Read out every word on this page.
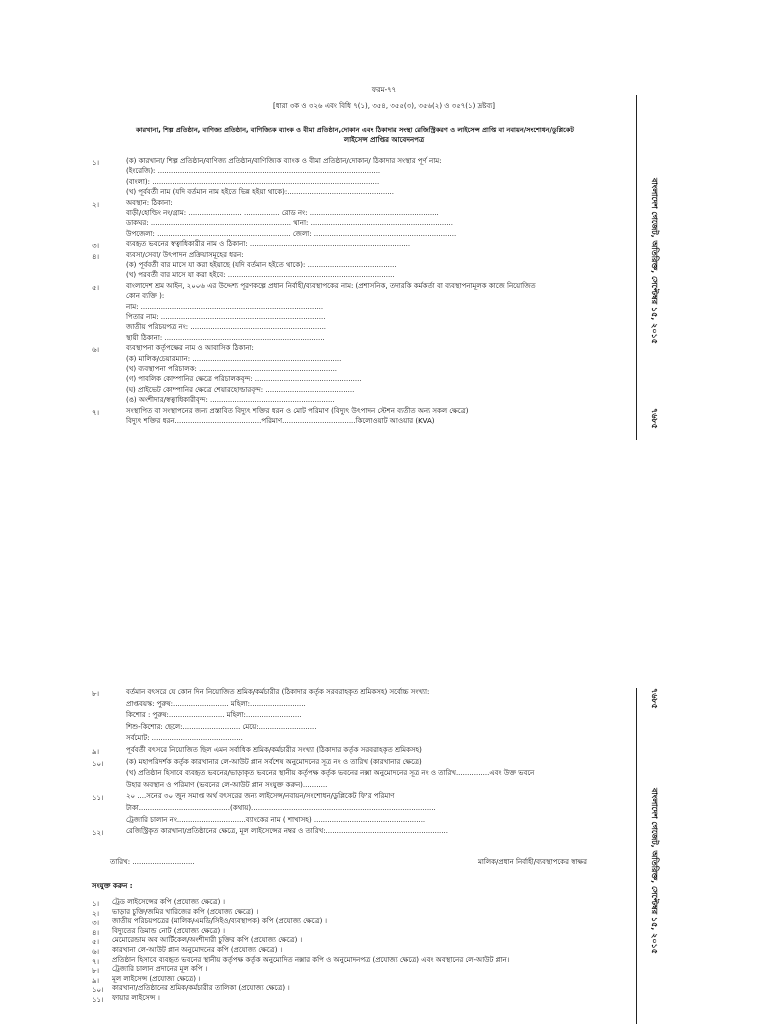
ফরম-৭৭
[ধারা ৩ক ও ৩২৬ এবং বিধি ৭(১), ৩৫৪, ৩৫৫(৩), ৩৫৬(২) ও ৩৫৭(১) দ্রষ্টব্য]
কারখানা, শিল্প প্রতিষ্ঠান, বাণিজ্য প্রতিষ্ঠান, বাণিজ্যিক ব্যাংক ও বীমা প্রতিষ্ঠান,দোকান এবং ঠিকাদার সংস্থা রেজিস্ট্রিকরণ ও লাইসেন্স প্রাপ্তি বা নবায়ন/সংশোধন/ডুপ্লিকেট
লাইসেন্স প্রাপ্তির আবেদনপত্র
১।	(ক) কারখানা/ শিল্প প্রতিষ্ঠান/বাণিজ্য প্রতিষ্ঠান/বাণিজ্যিক ব্যাংক ও বীমা প্রতিষ্ঠান/দোকান/ ঠিকাদার সংস্থার পূর্ণ নাম:
(ইংরেজি): ....................................................................................................
(বাংলা): ......................................................................................................
(খ) পূর্ববর্তী নাম (যদি বর্তমান নাম হইতে ভিন্ন হইয়া থাকে):................................................
২।	অবস্থান: ঠিকানা:
বাড়ী/হোল্ডিং নং/গ্রাম: ........................ ................ রোড নং: ..........................................................
ডাকঘর: ............................................................... থানা: ................................................................
উপজেলা: ............................................................ জেলা: ................................................................
৩।	ব্যবহৃত ভবনের স্বত্বাধিকারীর নাম ও ঠিকানা: ........................................................................
৪।	ব্যবসা/সেবা/ উৎপাদন প্রক্রিয়াসমূহের ধরন:
(ক) পূর্ববর্তী বার মাসে যা করা হইয়াছে (যদি বর্তমান হইতে থাকে): ........................................
(খ) পরবর্তী বার মাসে যা করা হইবে: ...........................................................................
৫।	বাংলাদেশ শ্রম আইন, ২০০৬ এর উদ্দেশ্য পূরণকল্পে প্রধান নির্বাহী/ব্যবস্থাপকের নাম: (প্রশাসনিক, তদারকি কর্মকর্তা বা ব্যবস্থাপনামূলক কাজে নিয়োজিত
কোন ব্যক্তি ):
নাম: ..................................................................................
পিতার নাম: ..........................................................................
জাতীয় পরিচয়পত্র নং: .............................................................
স্থায়ী ঠিকানা: ........................................................................
৬।	ব্যবস্থাপনা কর্তৃপক্ষের নাম ও আবাসিক ঠিকানা:
(ক) মালিক/চেয়ারম্যান: ...................................................................
(খ) ব্যবস্থাপনা পরিচালক: ..............................................................
(গ) পাবলিক কোম্পানির ক্ষেত্রে পরিচালকবৃন্দ: ................................................
(ঘ) প্রাইভেট কোম্পানির ক্ষেত্রে শেয়ারহোল্ডারবৃন্দ: ........................................
(ঙ) অংশীদার/স্বত্বাধিকারীবৃন্দ: ........................................................
৭।	সংস্থাপিত বা সংস্থাপনের জন্য প্রস্তাবিত বিদ্যুৎ শক্তির ধরন ও মোট পরিমাণ (বিদ্যুৎ উৎপাদন স্টেশন ব্যতীত অন্য সকল ক্ষেত্রে)
বিদ্যুৎ শক্তির ধরন.......................................পরিমাণ.................................কিলোওয়াট আওয়ার (KVA)
বাংলাদেশ গেজেট, অতিরিক্ত, সেপ্টেম্বর ১৫, ২০১৫
৭৬৮৫
৮।	বর্তমান বৎসরে যে কোন দিন নিয়োজিত শ্রমিক/কর্মচারীর (ঠিকাদার কর্তৃক সরবরাহকৃত শ্রমিকসহ) সর্বোচ্চ সংখ্যা:
প্রাপ্তবয়স্ক: পুরুষ:......................... মহিলা:.........................
কিশোর : পুরুষ:......................... মহিলা:.........................
শিশু-কিশোর: ছেলে:.......................... মেয়ে:..........................
সর্বমোট: .........................................
৯।	পূর্ববর্তী বৎসরে নিয়োজিত ছিল এমন সর্বাধিক শ্রমিক/কর্মচারীর সংখ্যা (ঠিকাদার কর্তৃক সরবরাহকৃত শ্রমিকসহ)
১০।	(ক) মহাপরিদর্শক কর্তৃক কারখানার লে-আউট প্লান সর্বশেষ অনুমোদনের সূত্র নং ও তারিখ (কারখানার ক্ষেত্রে)
(খ) প্রতিষ্ঠান হিসাবে ব্যবহৃত ভবনের/ভাড়াকৃত ভবনের স্থানীয় কর্তৃপক্ষ কর্তৃক ভবনের নক্সা অনুমোদনের সূত্র নং ও তারিখ...............এবং উক্ত ভবনে
উহার অবস্থান ও পরিমাণ (ভবনের লে-আউট প্লান সংযুক্ত করুন)...........
১১।	২০ ....সনের ৩০ জুন সমাপ্ত অর্থ বৎসরের জন্য লাইসেন্স/নবায়ন/সংশোধন/ডুপ্লিকেট ফি'র পরিমাণ
টাকা.........................................(কথায়)...................................................................................
ট্রেজারি চালান নং...............................ব্যাংকের নাম ( শাখাসহ) ..................................................
১২।	রেজিস্ট্রিকৃত কারখানা/প্রতিষ্ঠানের ক্ষেত্রে, মূল লাইসেন্সের নম্বর ও তারিখ:.......................................................
তারিখ: ............................	মালিক/প্রধান নির্বাহী/ব্যবস্থাপকের স্বাক্ষর
সংযুক্ত করুন :
১। ট্রেড লাইসেন্সের কপি (প্রযোজ্য ক্ষেত্রে) ।
২। ভাড়ার চুক্তি/জমির খারিজের কপি (প্রযোজ্য ক্ষেত্রে) ।
৩। জাতীয় পরিচয়পত্রের (মালিক/এমডি/সিইও/ব্যবস্থাপক) কপি (প্রযোজ্য ক্ষেত্রে) ।
৪। বিদ্যুতের ডিমান্ড নোট (প্রযোজ্য ক্ষেত্রে) ।
৫। মেমোরেন্ডাম অব আর্টিকেল/অংশীদারী চুক্তির কপি (প্রযোজ্য ক্ষেত্রে) ।
৬। কারখানা লে-আউট প্লান অনুমোদনের কপি (প্রযোজ্য ক্ষেত্রে) ।
৭। প্রতিষ্ঠান হিসাবে ব্যবহৃত ভবনের স্থানীয় কর্তৃপক্ষ কর্তৃক অনুমোদিত নক্সার কপি ও অনুমোদনপত্র (প্রযোজ্য ক্ষেত্রে) এবং অবস্থানের লে-আউট প্লান।
৮। ট্রেজারি চালান প্রদানের মূল কপি ।
৯। মূল লাইসেন্স (প্রযোজ্য ক্ষেত্রে) ।
১০। কারখানা/প্রতিষ্ঠানের শ্রমিক/কর্মচারীর তালিকা (প্রযোজ্য ক্ষেত্রে) ।
১১। ফায়ার লাইসেন্স ।
৭৬৮৫
বাংলাদেশ গেজেট, অতিরিক্ত, সেপ্টেম্বর ১৫, ২০১৫
